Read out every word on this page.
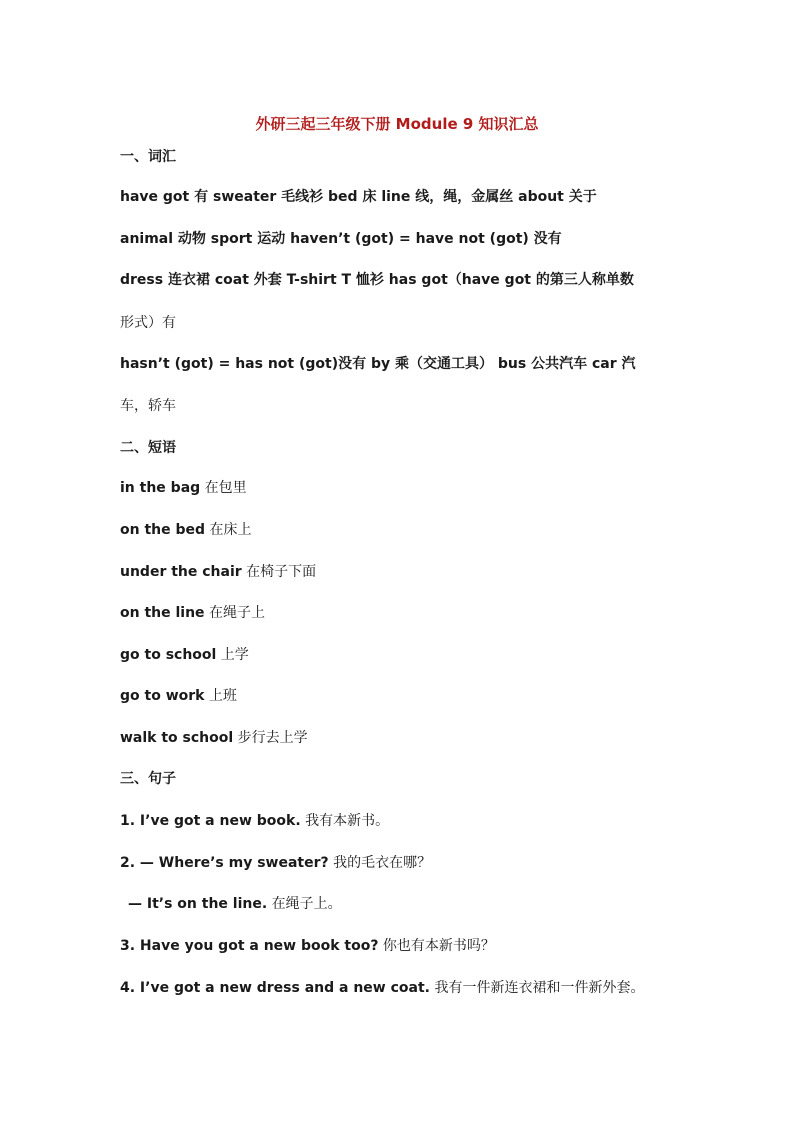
外研三起三年级下册 Module 9 知识汇总
一、词汇
have got 有 sweater 毛线衫 bed 床 line 线，绳，金属丝 about 关于
animal 动物 sport 运动 haven’t (got) = have not (got) 没有
dress 连衣裙 coat 外套 T-shirt T 恤衫 has got（have got 的第三人称单数
形式）有
hasn’t (got) = has not (got)没有 by 乘（交通工具） bus 公共汽车 car 汽
车，轿车
二、短语
in the bag 在包里
on the bed 在床上
under the chair 在椅子下面
on the line 在绳子上
go to school 上学
go to work 上班
walk to school 步行去上学
三、句子
1. I’ve got a new book. 我有本新书。
2. — Where’s my sweater? 我的毛衣在哪？
— It’s on the line. 在绳子上。
3. Have you got a new book too? 你也有本新书吗？
4. I’ve got a new dress and a new coat. 我有一件新连衣裙和一件新外套。
